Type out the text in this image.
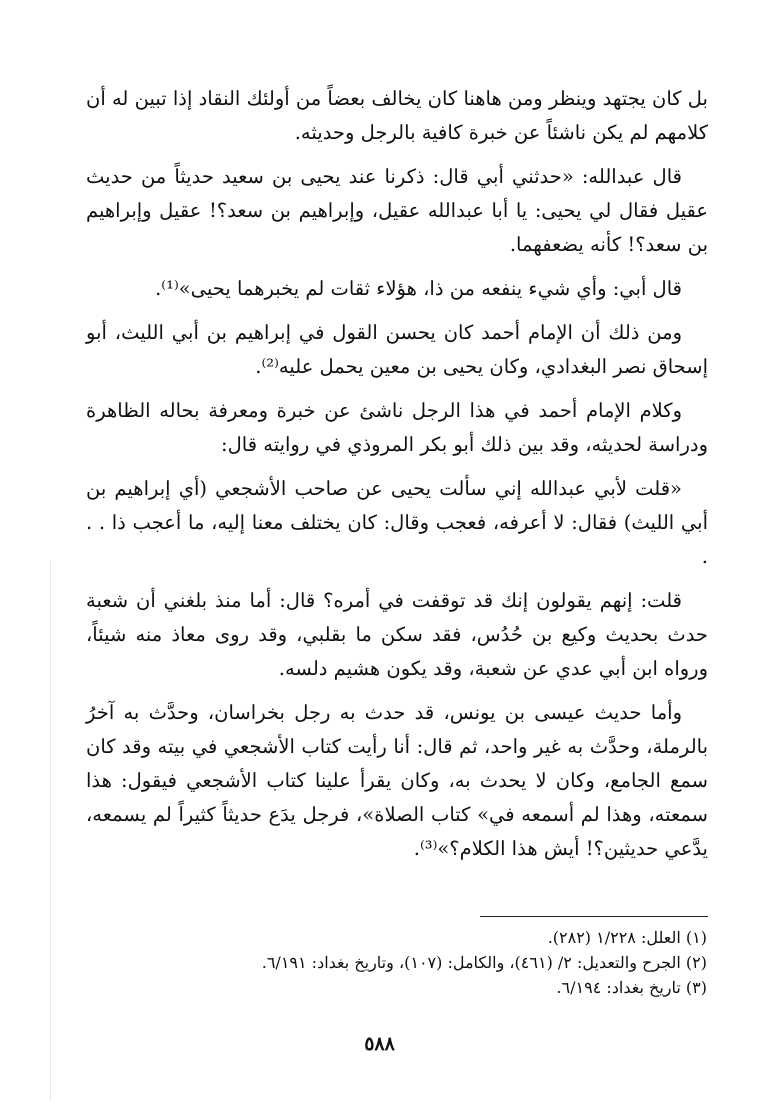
بل كان يجتهد وينظر ومن هاهنا كان يخالف بعضاً من أولئك النقاد إذا تبين له أن كلامهم لم يكن ناشئاً عن خبرة كافية بالرجل وحديثه.

قال عبدالله: «حدثني أبي قال: ذكرنا عند يحيى بن سعيد حديثاً من حديث عقيل فقال لي يحيى: يا أبا عبدالله عقيل، وإبراهيم بن سعد؟! عقيل وإبراهيم بن سعد؟! كأنه يضعفهما.

قال أبي: وأي شيء ينفعه من ذا، هؤلاء ثقات لم يخبرهما يحيى»⁽¹⁾.

ومن ذلك أن الإمام أحمد كان يحسن القول في إبراهيم بن أبي الليث، أبو إسحاق نصر البغدادي، وكان يحيى بن معين يحمل عليه⁽²⁾.

وكلام الإمام أحمد في هذا الرجل ناشئ عن خبرة ومعرفة بحاله الظاهرة ودراسة لحديثه، وقد بين ذلك أبو بكر المروذي في روايته قال:

«قلت لأبي عبدالله إني سألت يحيى عن صاحب الأشجعي (أي إبراهيم بن أبي الليث) فقال: لا أعرفه، فعجب وقال: كان يختلف معنا إليه، ما أعجب ذا . . .

قلت: إنهم يقولون إنك قد توقفت في أمره؟ قال: أما منذ بلغني أن شعبة حدث بحديث وكيع بن حُدُس، فقد سكن ما بقلبي، وقد روى معاذ منه شيئاً، ورواه ابن أبي عدي عن شعبة، وقد يكون هشيم دلسه.

وأما حديث عيسى بن يونس، قد حدث به رجل بخراسان، وحدَّث به آخرُ بالرملة، وحدَّث به غير واحد، ثم قال: أنا رأيت كتاب الأشجعي في بيته وقد كان سمع الجامع، وكان لا يحدث به، وكان يقرأ علينا كتاب الأشجعي فيقول: هذا سمعته، وهذا لم أسمعه في» كتاب الصلاة»، فرجل يدَع حديثاً كثيراً لم يسمعه، يدَّعي حديثين؟! أيش هذا الكلام؟»⁽³⁾.

(١) العلل: ١/٢٢٨ (٢٨٢).

(٢) الجرح والتعديل: ٢/ (٤٦١)، والكامل: (١٠٧)، وتاريخ بغداد: ٦/١٩١.

(٣) تاريخ بغداد: ٦/١٩٤.

٥٨٨
